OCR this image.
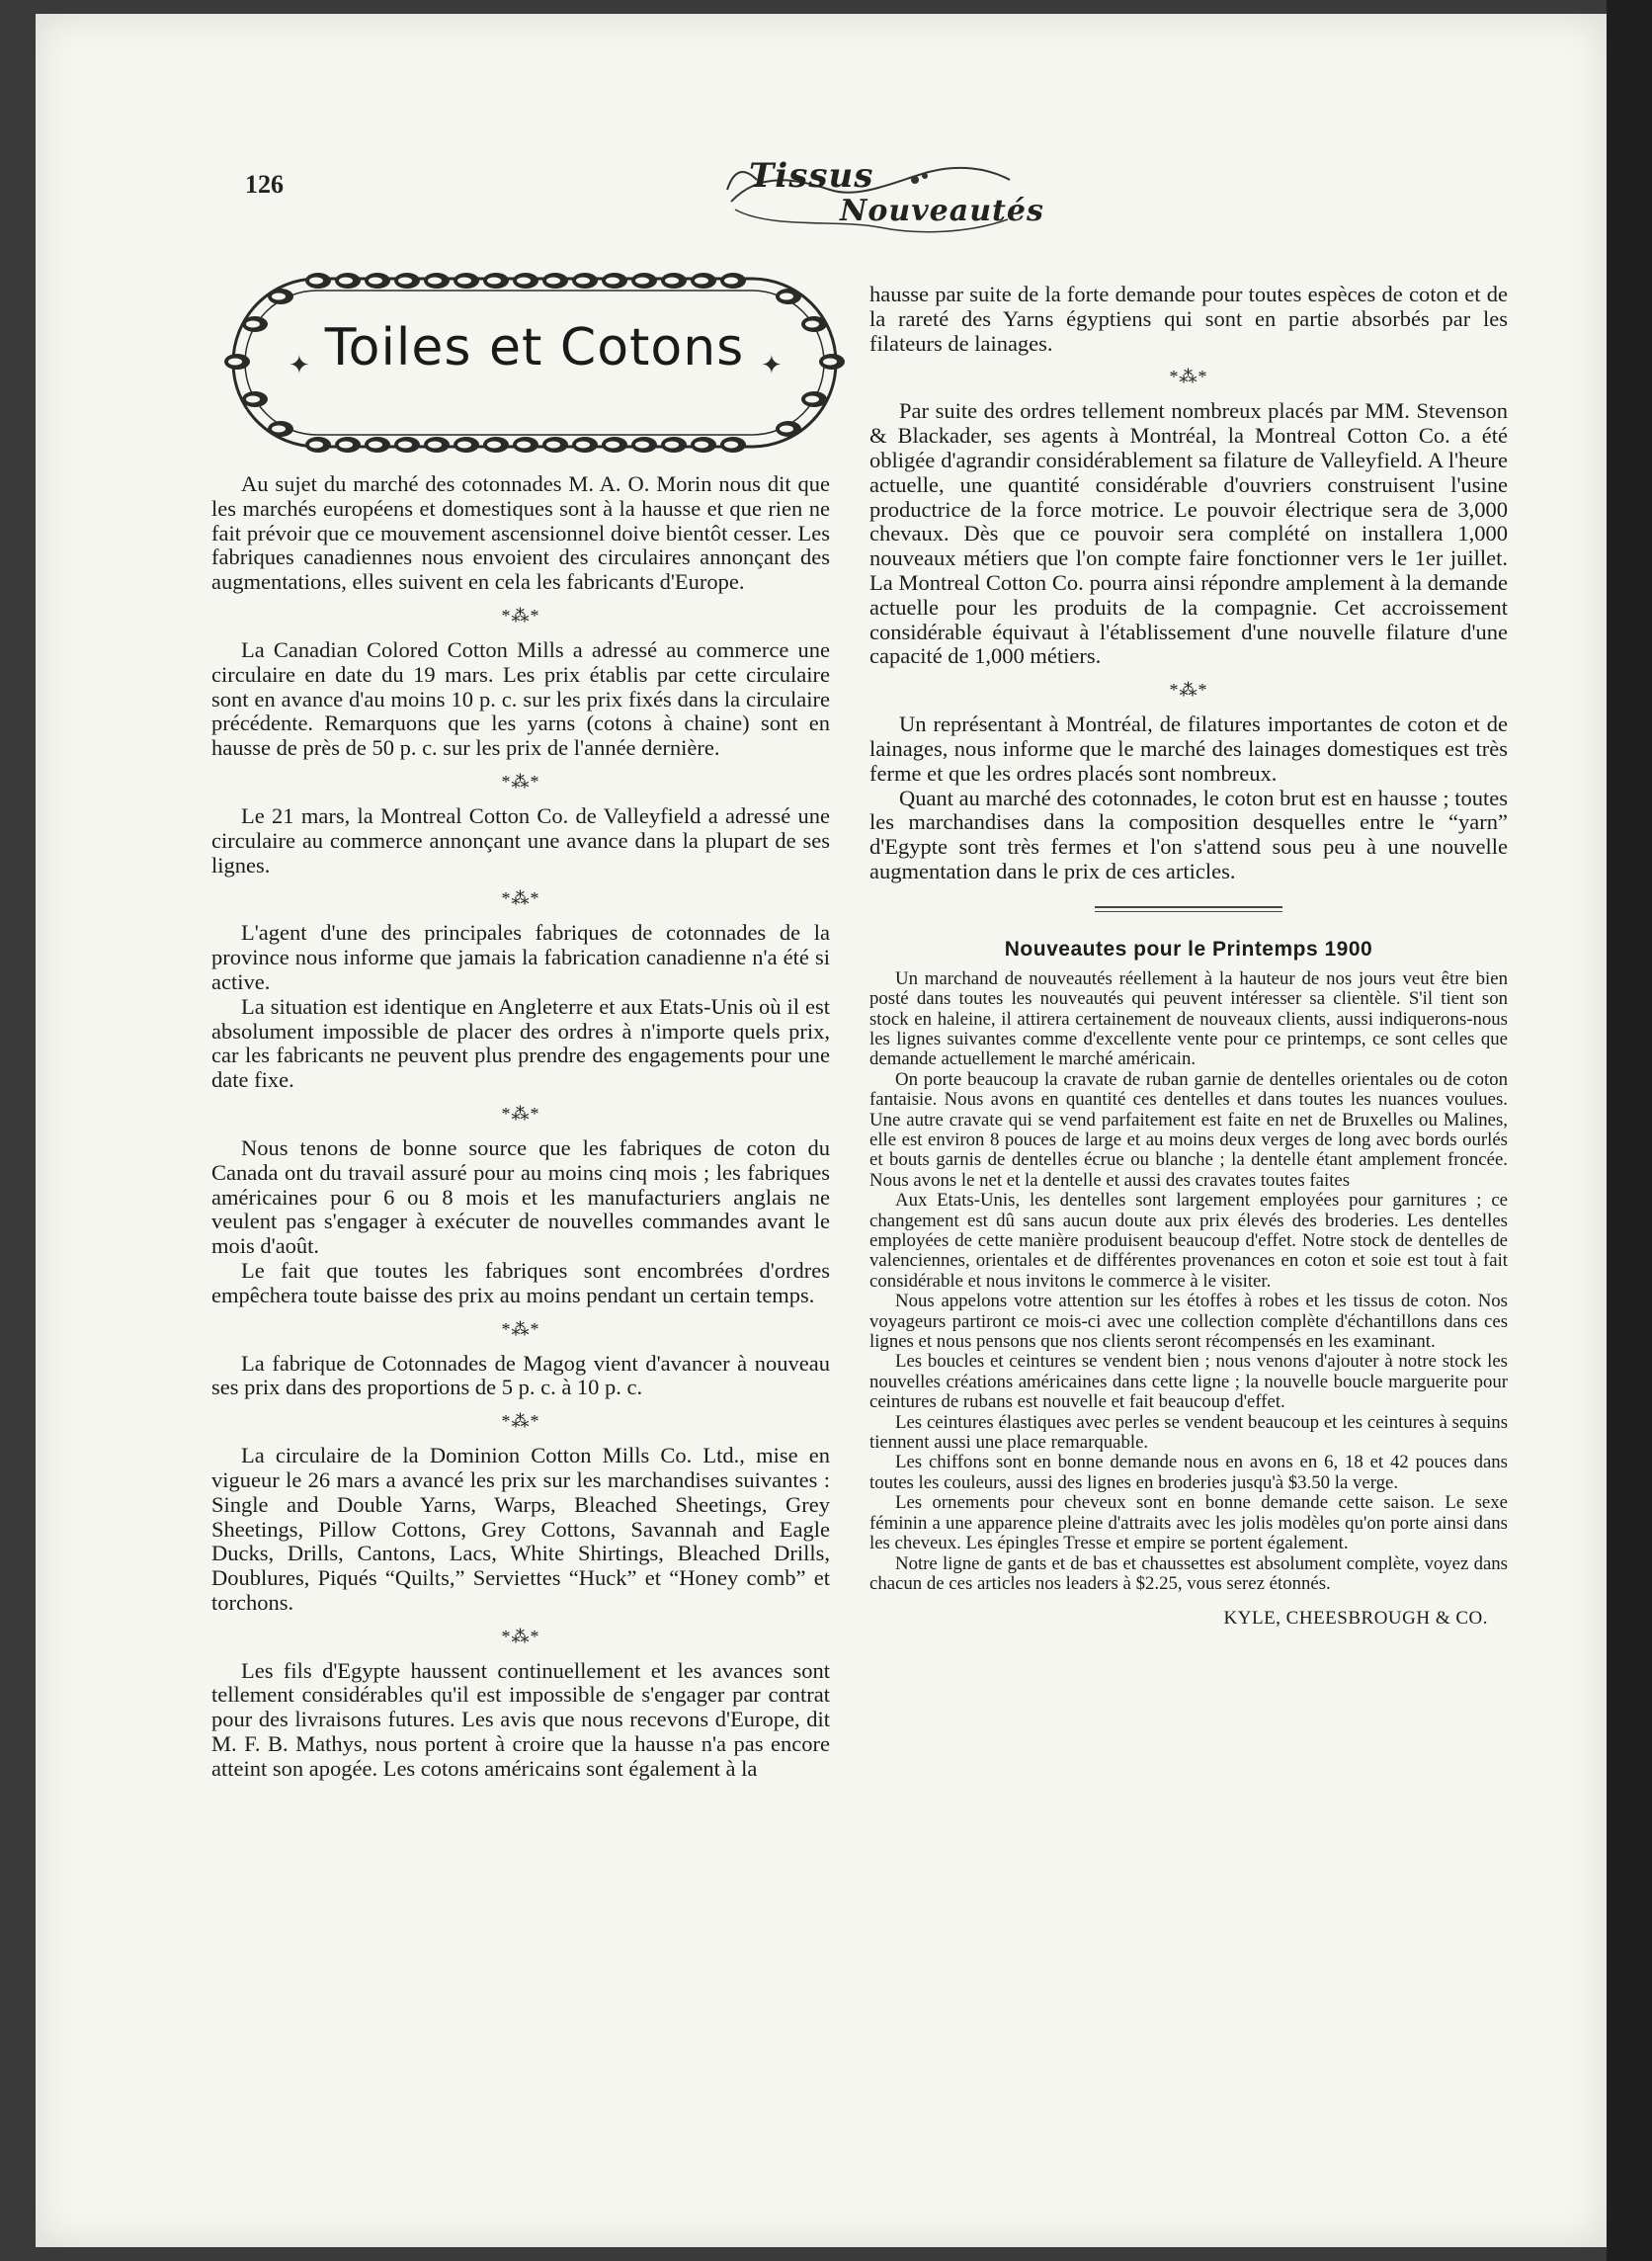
126	Tissus
Nouveautés
✦	✦
Toiles et Cotons

Au sujet du marché des cotonnades M. A. O. Morin nous dit que les marchés européens et domestiques sont à la hausse et que rien ne fait prévoir que ce mouvement ascensionnel doive bientôt cesser. Les fabriques canadiennes nous envoient des circulaires annonçant des augmentations, elles suivent en cela les fabricants d'Europe.

*⁂*

La Canadian Colored Cotton Mills a adressé au commerce une circulaire en date du 19 mars. Les prix établis par cette circulaire sont en avance d'au moins 10 p. c. sur les prix fixés dans la circulaire précédente. Remarquons que les yarns (cotons à chaine) sont en hausse de près de 50 p. c. sur les prix de l'année dernière.

*⁂*

Le 21 mars, la Montreal Cotton Co. de Valleyfield a adressé une circulaire au commerce annonçant une avance dans la plupart de ses lignes.

*⁂*

L'agent d'une des principales fabriques de cotonnades de la province nous informe que jamais la fabrication canadienne n'a été si active.

La situation est identique en Angleterre et aux Etats-Unis où il est absolument impossible de placer des ordres à n'importe quels prix, car les fabricants ne peuvent plus prendre des engagements pour une date fixe.

*⁂*

Nous tenons de bonne source que les fabriques de coton du Canada ont du travail assuré pour au moins cinq mois ; les fabriques américaines pour 6 ou 8 mois et les manufacturiers anglais ne veulent pas s'engager à exécuter de nouvelles commandes avant le mois d'août.

Le fait que toutes les fabriques sont encombrées d'ordres empêchera toute baisse des prix au moins pendant un certain temps.

*⁂*

La fabrique de Cotonnades de Magog vient d'avancer à nouveau ses prix dans des proportions de 5 p. c. à 10 p. c.

*⁂*

La circulaire de la Dominion Cotton Mills Co. Ltd., mise en vigueur le 26 mars a avancé les prix sur les marchandises suivantes : Single and Double Yarns, Warps, Bleached Sheetings, Grey Sheetings, Pillow Cottons, Grey Cottons, Savannah and Eagle Ducks, Drills, Cantons, Lacs, White Shirtings, Bleached Drills, Doublures, Piqués “Quilts,” Serviettes “Huck” et “Honey comb” et torchons.

*⁂*

Les fils d'Egypte haussent continuellement et les avances sont tellement considérables qu'il est impossible de s'engager par contrat pour des livraisons futures. Les avis que nous recevons d'Europe, dit M. F. B. Mathys, nous portent à croire que la hausse n'a pas encore atteint son apogée. Les cotons américains sont également à la

hausse par suite de la forte demande pour toutes espèces de coton et de la rareté des Yarns égyptiens qui sont en partie absorbés par les filateurs de lainages.

*⁂*

Par suite des ordres tellement nombreux placés par MM. Stevenson & Blackader, ses agents à Montréal, la Montreal Cotton Co. a été obligée d'agrandir considérablement sa filature de Valleyfield. A l'heure actuelle, une quantité considérable d'ouvriers construisent l'usine productrice de la force motrice. Le pouvoir électrique sera de 3,000 chevaux. Dès que ce pouvoir sera complété on installera 1,000 nouveaux métiers que l'on compte faire fonctionner vers le 1er juillet. La Montreal Cotton Co. pourra ainsi répondre amplement à la demande actuelle pour les produits de la compagnie. Cet accroissement considérable équivaut à l'établissement d'une nouvelle filature d'une capacité de 1,000 métiers.

*⁂*

Un représentant à Montréal, de filatures importantes de coton et de lainages, nous informe que le marché des lainages domestiques est très ferme et que les ordres placés sont nombreux.

Quant au marché des cotonnades, le coton brut est en hausse ; toutes les marchandises dans la composition desquelles entre le “yarn” d'Egypte sont très fermes et l'on s'attend sous peu à une nouvelle augmentation dans le prix de ces articles.

Nouveautes pour le Printemps 1900

Un marchand de nouveautés réellement à la hauteur de nos jours veut être bien posté dans toutes les nouveautés qui peuvent intéresser sa clientèle. S'il tient son stock en haleine, il attirera certainement de nouveaux clients, aussi indiquerons-nous les lignes suivantes comme d'excellente vente pour ce printemps, ce sont celles que demande actuellement le marché américain.

On porte beaucoup la cravate de ruban garnie de dentelles orientales ou de coton fantaisie. Nous avons en quantité ces dentelles et dans toutes les nuances voulues. Une autre cravate qui se vend parfaitement est faite en net de Bruxelles ou Malines, elle est environ 8 pouces de large et au moins deux verges de long avec bords ourlés et bouts garnis de dentelles écrue ou blanche ; la dentelle étant amplement froncée. Nous avons le net et la dentelle et aussi des cravates toutes faites

Aux Etats-Unis, les dentelles sont largement employées pour garnitures ; ce changement est dû sans aucun doute aux prix élevés des broderies. Les dentelles employées de cette manière produisent beaucoup d'effet. Notre stock de dentelles de valenciennes, orientales et de différentes provenances en coton et soie est tout à fait considérable et nous invitons le commerce à le visiter.

Nous appelons votre attention sur les étoffes à robes et les tissus de coton. Nos voyageurs partiront ce mois-ci avec une collection complète d'échantillons dans ces lignes et nous pensons que nos clients seront récompensés en les examinant.

Les boucles et ceintures se vendent bien ; nous venons d'ajouter à notre stock les nouvelles créations américaines dans cette ligne ; la nouvelle boucle marguerite pour ceintures de rubans est nouvelle et fait beaucoup d'effet.

Les ceintures élastiques avec perles se vendent beaucoup et les ceintures à sequins tiennent aussi une place remarquable.

Les chiffons sont en bonne demande nous en avons en 6, 18 et 42 pouces dans toutes les couleurs, aussi des lignes en broderies jusqu'à $3.50 la verge.

Les ornements pour cheveux sont en bonne demande cette saison. Le sexe féminin a une apparence pleine d'attraits avec les jolis modèles qu'on porte ainsi dans les cheveux. Les épingles Tresse et empire se portent également.

Notre ligne de gants et de bas et chaussettes est absolument complète, voyez dans chacun de ces articles nos leaders à $2.25, vous serez étonnés.

KYLE, CHEESBROUGH & CO.
